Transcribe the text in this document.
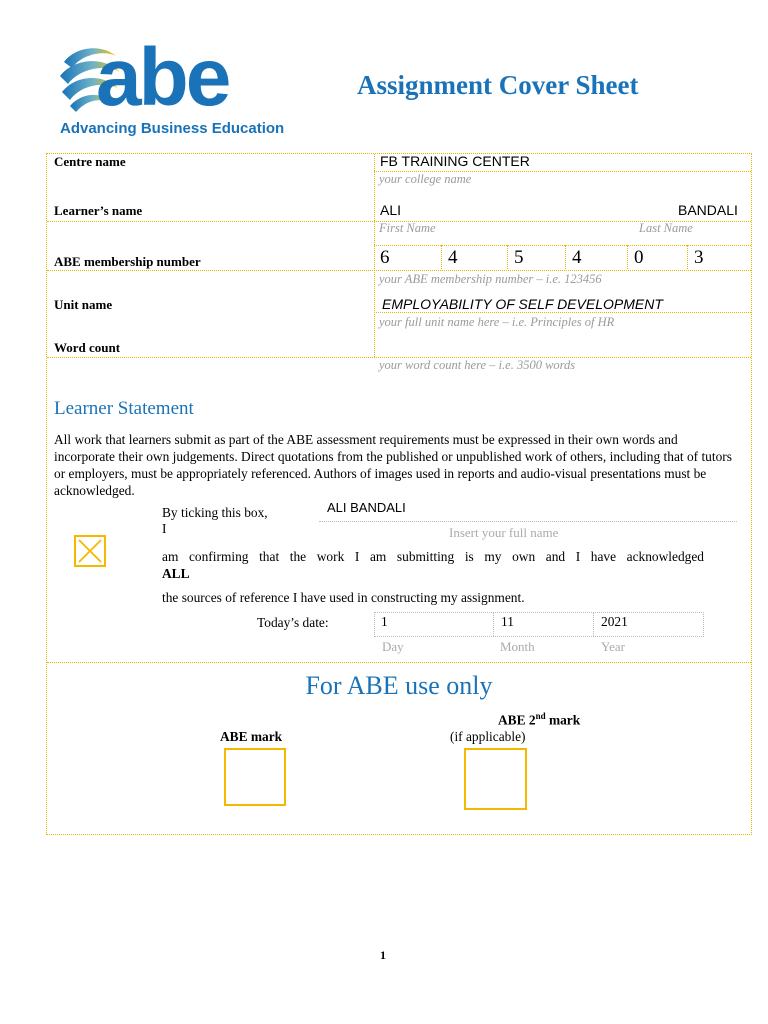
abe
Advancing Business Education
Assignment Cover Sheet
Centre name	FB TRAINING CENTER
your college name
Learner’s name	ALI	BANDALI
First Name	Last Name
ABE membership number	6	4	5	4	0	3
your ABE membership number – i.e. 123456
Unit name	EMPLOYABILITY OF SELF DEVELOPMENT
your full unit name here – i.e. Principles of HR
Word count
your word count here – i.e. 3500 words
Learner Statement
All work that learners submit as part of the ABE assessment requirements must be expressed in their own words and incorporate their own judgements. Direct quotations from the published or unpublished work of others, including that of tutors or employers, must be appropriately referenced. Authors of images used in reports and audio-visual presentations must be acknowledged.
By ticking this box,
I
ALI BANDALI
Insert your full name
am confirming that the work I am submitting is my own and I have acknowledged
ALL
the sources of reference I have used in constructing my assignment.
Today’s date:	1	11	2021
Day	Month	Year
For ABE use only
ABE mark
ABE 2nd mark
(if applicable)
1
